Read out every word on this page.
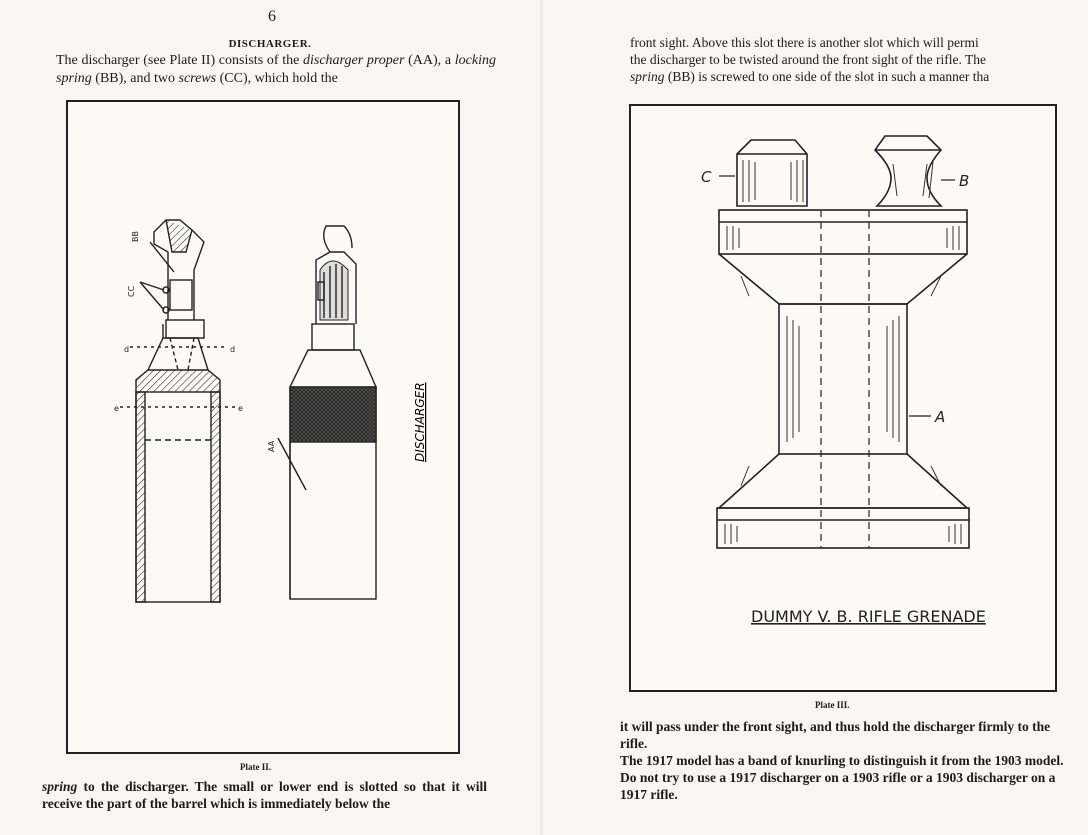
6
DISCHARGER.

The discharger (see Plate II) consists of the discharger proper (AA), a locking spring (BB), and two screws (CC), which hold the

BB
CC
AA
d	d
e	e	DISCHARGER
Plate II.

spring to the discharger. The small or lower end is slotted so that it will receive the part of the barrel which is immediately below the

front sight. Above this slot there is another slot which will permi
the discharger to be twisted around the front sight of the rifle. The
spring (BB) is screwed to one side of the slot in such a manner tha
C	B
A
DUMMY V. B. RIFLE GRENADE
Plate III.

it will pass under the front sight, and thus hold the discharger firmly to the rifle.

The 1917 model has a band of knurling to distinguish it from the 1903 model. Do not try to use a 1917 discharger on a 1903 rifle or a 1903 discharger on a 1917 rifle.
